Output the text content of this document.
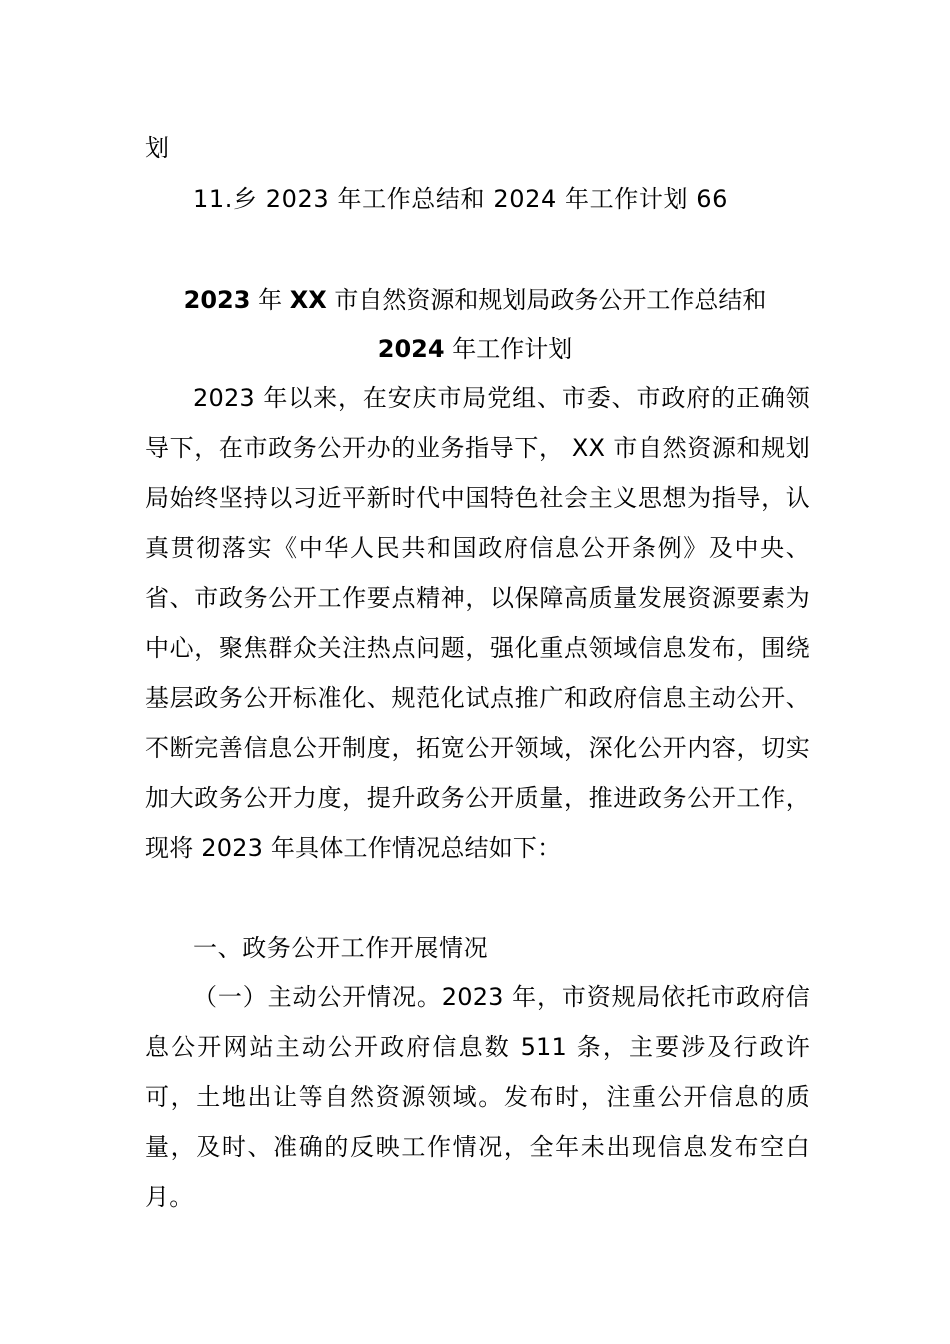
划
11.乡 2023 年工作总结和 2024 年工作计划 66
2023 年 XX 市自然资源和规划局政务公开工作总结和
2024 年工作计划
2023 年以来，在安庆市局党组、市委、市政府的正确领导下，在市政务公开办的业务指导下， XX 市自然资源和规划局始终坚持以习近平新时代中国特色社会主义思想为指导，认真贯彻落实《中华人民共和国政府信息公开条例》及中央、省、市政务公开工作要点精神，以保障高质量发展资源要素为中心，聚焦群众关注热点问题，强化重点领域信息发布，围绕基层政务公开标准化、规范化试点推广和政府信息主动公开、不断完善信息公开制度，拓宽公开领域，深化公开内容，切实加大政务公开力度，提升政务公开质量，推进政务公开工作，现将 2023 年具体工作情况总结如下：
一、政务公开工作开展情况
（一）主动公开情况。2023 年，市资规局依托市政府信息公开网站主动公开政府信息数 511 条，主要涉及行政许可，土地出让等自然资源领域。发布时，注重公开信息的质量，及时、准确的反映工作情况，全年未出现信息发布空白月。
